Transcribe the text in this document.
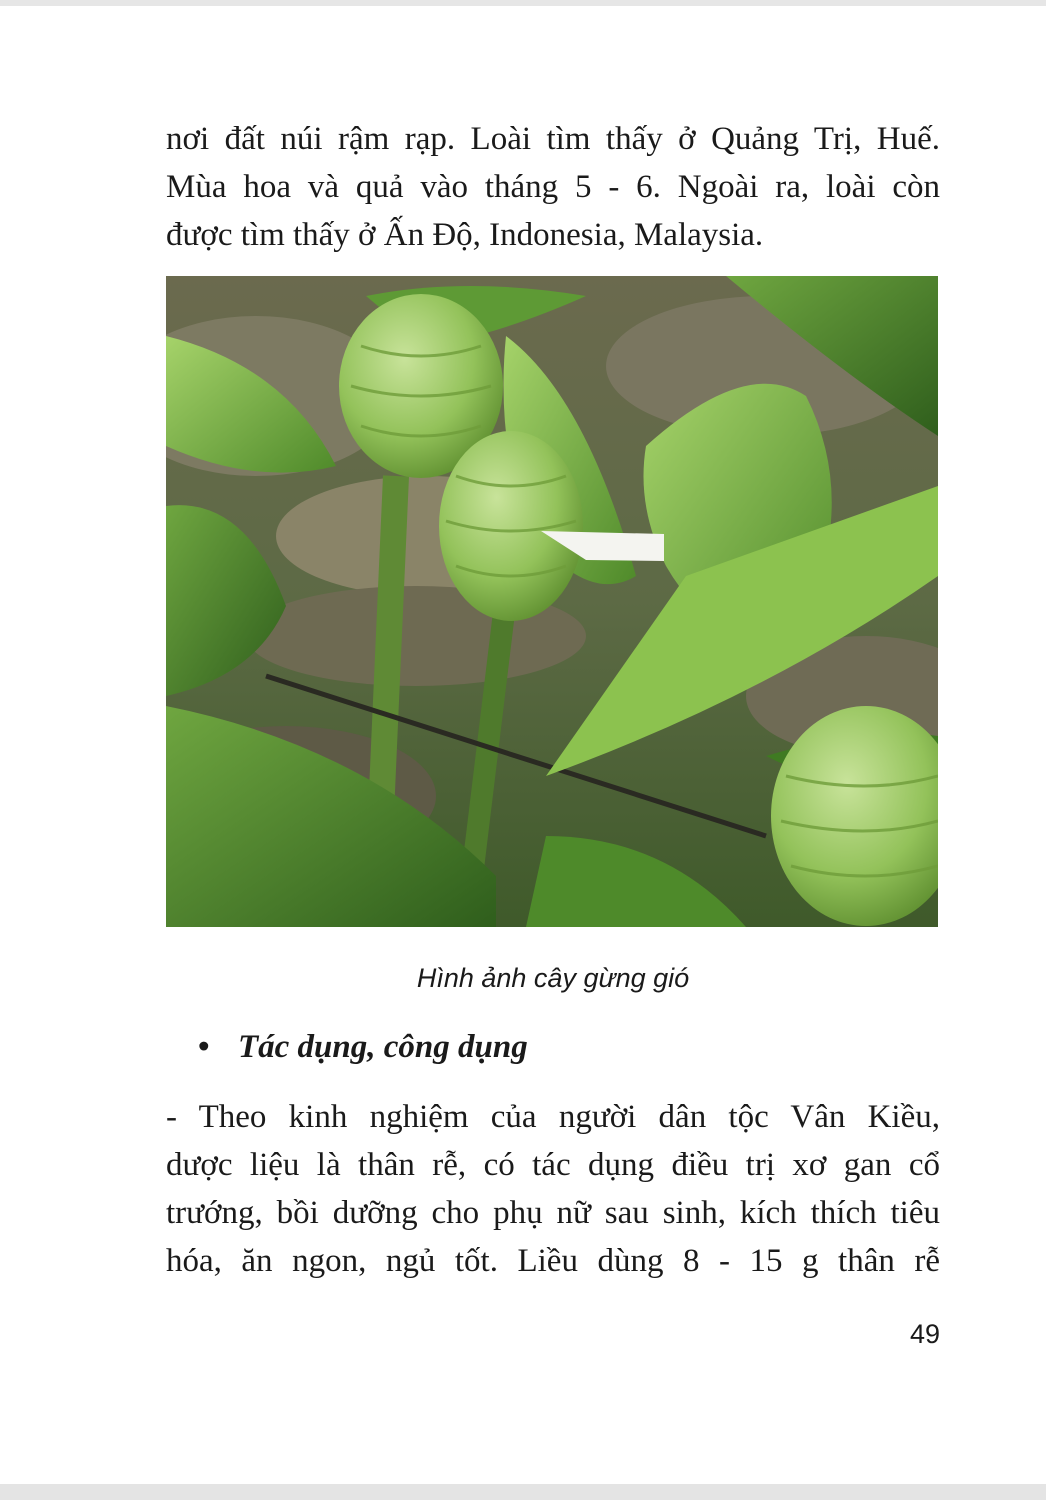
nơi đất núi rậm rạp. Loài tìm thấy ở Quảng Trị, Huế.
Mùa hoa và quả vào tháng 5 - 6. Ngoài ra, loài còn
được tìm thấy ở Ấn Độ, Indonesia, Malaysia.
Hình ảnh cây gừng gió
• Tác dụng, công dụng
- Theo kinh nghiệm của người dân tộc Vân Kiều,
dược liệu là thân rễ, có tác dụng điều trị xơ gan cổ
trướng, bồi dưỡng cho phụ nữ sau sinh, kích thích tiêu
hóa, ăn ngon, ngủ tốt. Liều dùng 8 - 15 g thân rễ
49
